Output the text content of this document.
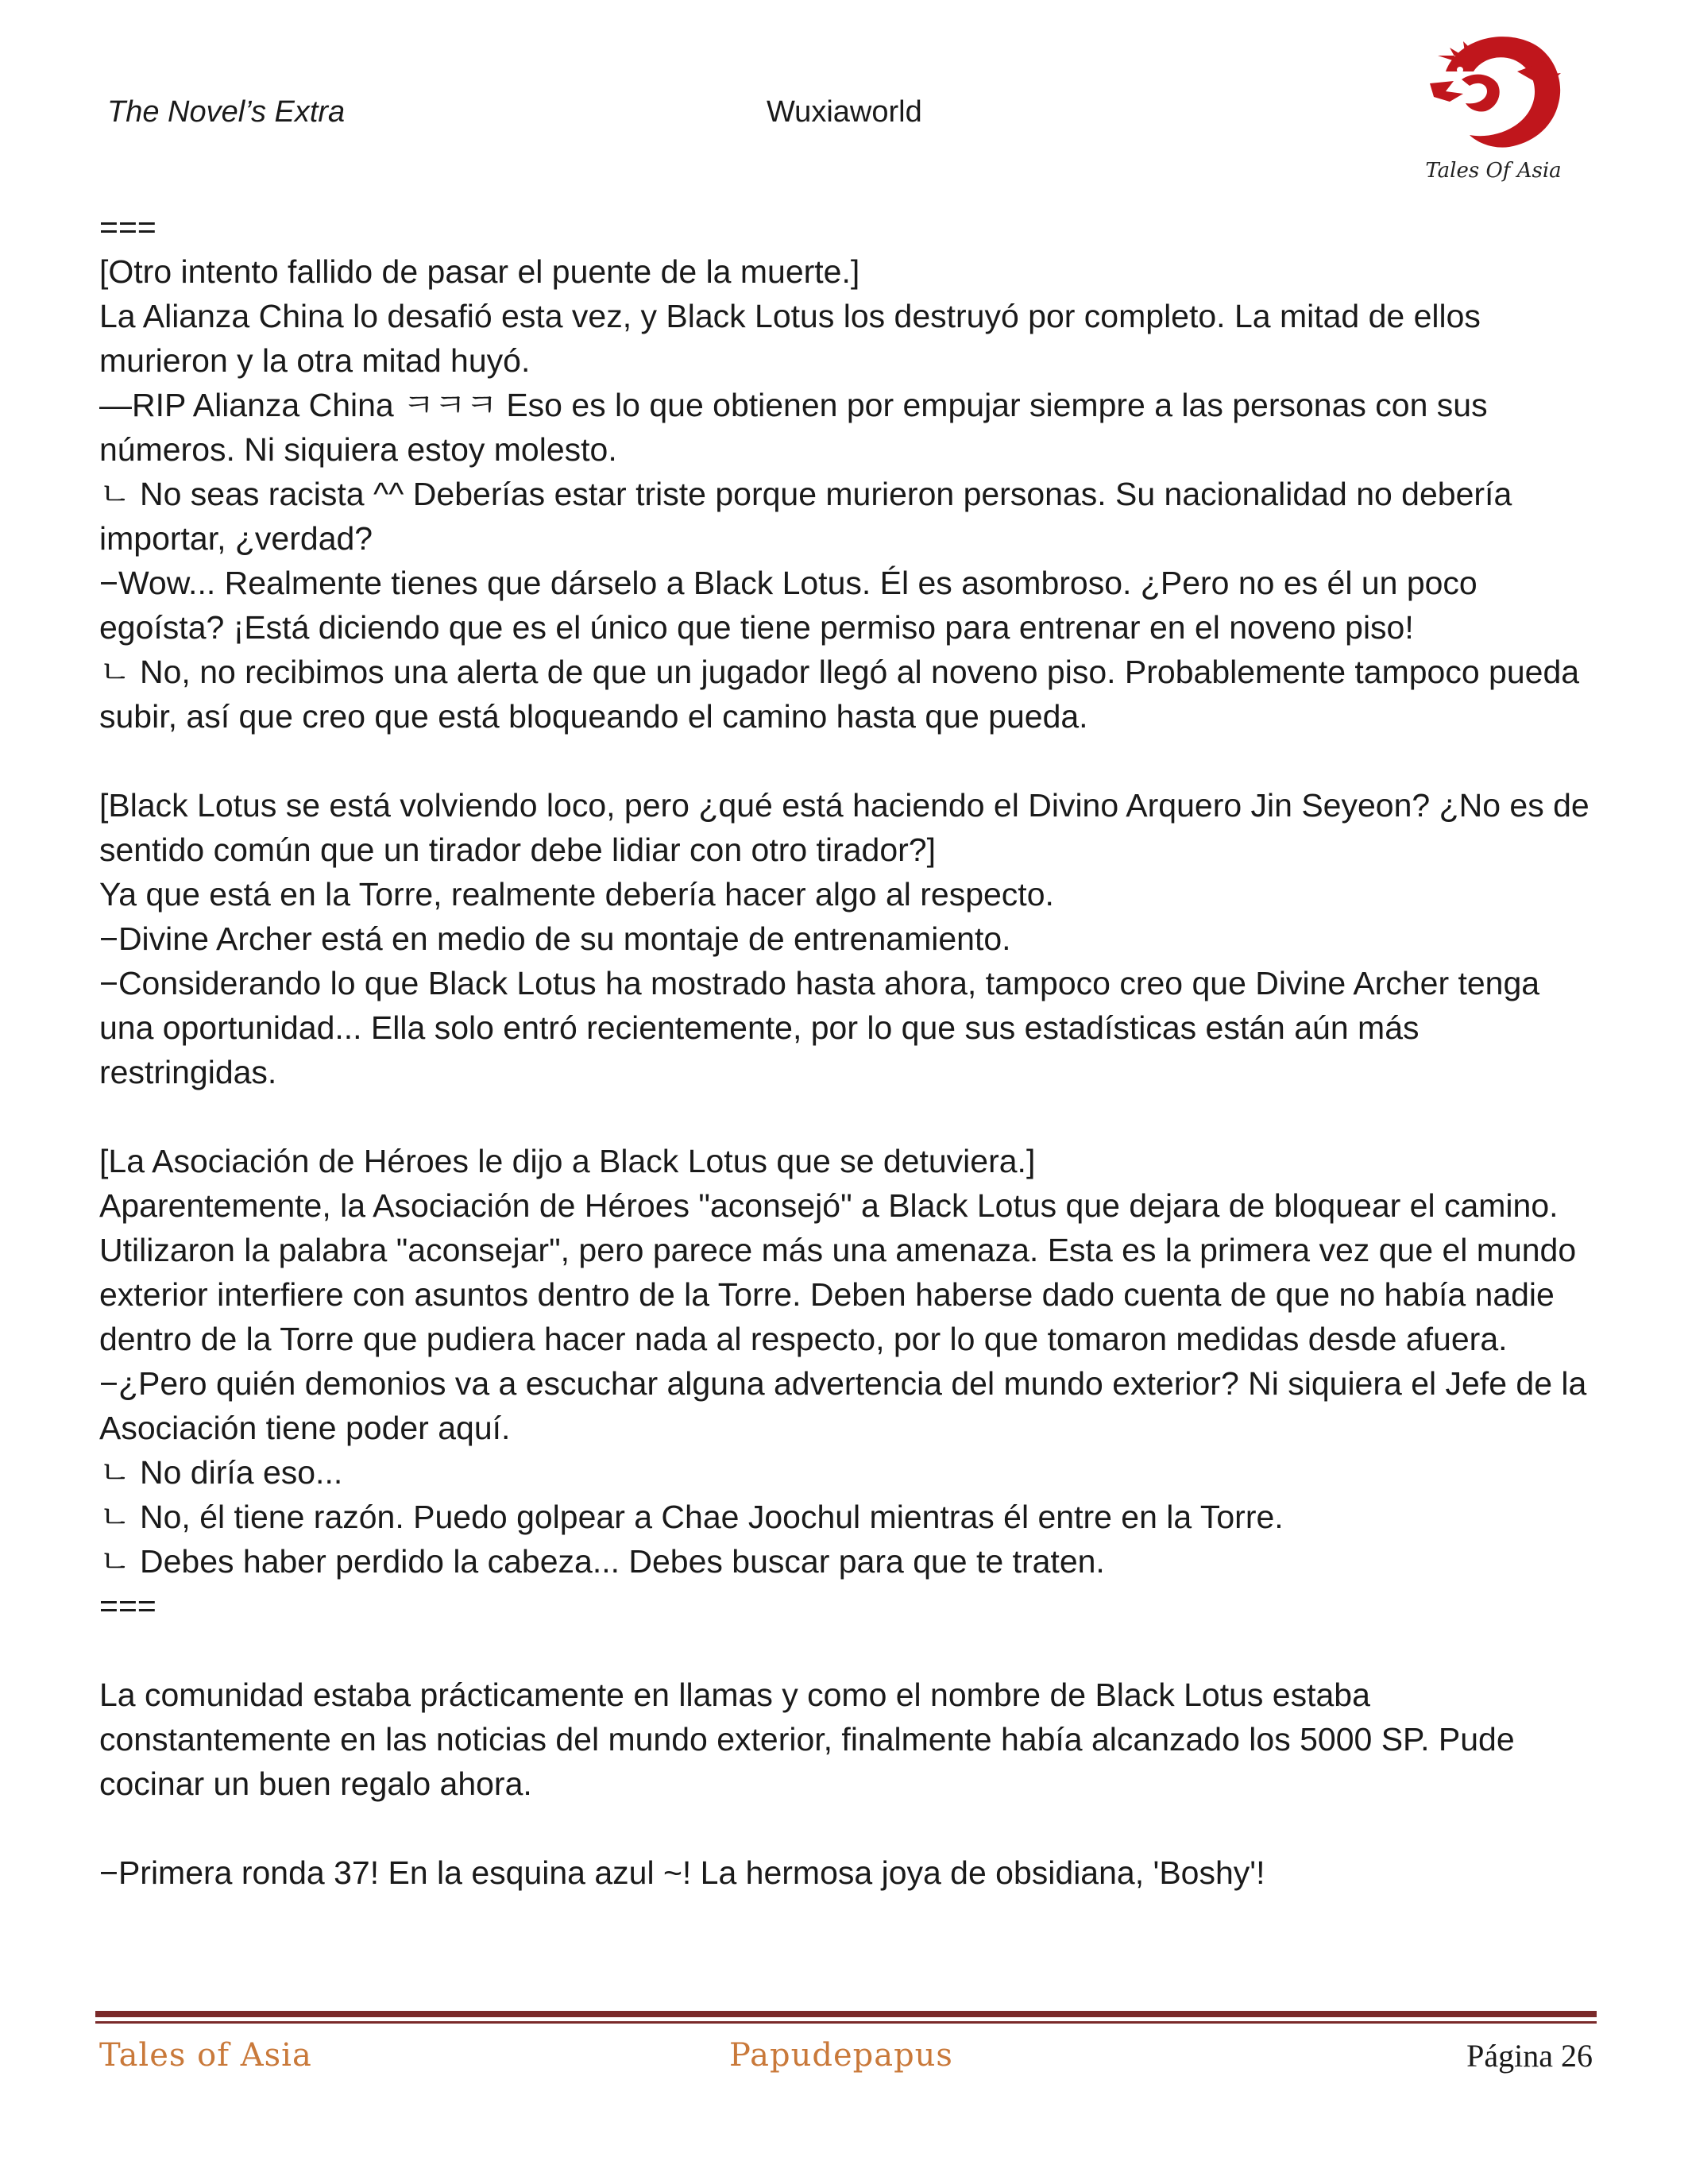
The Novel’s Extra	Wuxiaworld
Tales Of Asia

===

[Otro intento fallido de pasar el puente de la muerte.]

La Alianza China lo desafió esta vez, y Black Lotus los destruyó por completo. La mitad de ellos murieron y la otra mitad huyó.

—RIP Alianza China ㅋㅋㅋ Eso es lo que obtienen por empujar siempre a las personas con sus números. Ni siquiera estoy molesto.

ㄴ No seas racista ^^ Deberías estar triste porque murieron personas. Su nacionalidad no debería importar, ¿verdad?

−Wow... Realmente tienes que dárselo a Black Lotus. Él es asombroso. ¿Pero no es él un poco egoísta? ¡Está diciendo que es el único que tiene permiso para entrenar en el noveno piso!

ㄴ No, no recibimos una alerta de que un jugador llegó al noveno piso. Probablemente tampoco pueda subir, así que creo que está bloqueando el camino hasta que pueda.

[Black Lotus se está volviendo loco, pero ¿qué está haciendo el Divino Arquero Jin Seyeon? ¿No es de sentido común que un tirador debe lidiar con otro tirador?]

Ya que está en la Torre, realmente debería hacer algo al respecto.

−Divine Archer está en medio de su montaje de entrenamiento.

−Considerando lo que Black Lotus ha mostrado hasta ahora, tampoco creo que Divine Archer tenga una oportunidad... Ella solo entró recientemente, por lo que sus estadísticas están aún más restringidas.

[La Asociación de Héroes le dijo a Black Lotus que se detuviera.]

Aparentemente, la Asociación de Héroes "aconsejó" a Black Lotus que dejara de bloquear el camino. Utilizaron la palabra "aconsejar", pero parece más una amenaza. Esta es la primera vez que el mundo exterior interfiere con asuntos dentro de la Torre. Deben haberse dado cuenta de que no había nadie dentro de la Torre que pudiera hacer nada al respecto, por lo que tomaron medidas desde afuera.

−¿Pero quién demonios va a escuchar alguna advertencia del mundo exterior? Ni siquiera el Jefe de la Asociación tiene poder aquí.

ㄴ No diría eso...

ㄴ No, él tiene razón. Puedo golpear a Chae Joochul mientras él entre en la Torre.

ㄴ Debes haber perdido la cabeza... Debes buscar para que te traten.

===

La comunidad estaba prácticamente en llamas y como el nombre de Black Lotus estaba constantemente en las noticias del mundo exterior, finalmente había alcanzado los 5000 SP. Pude cocinar un buen regalo ahora.

−Primera ronda 37! En la esquina azul ~! La hermosa joya de obsidiana, 'Boshy'!

Tales of Asia	Papudepapus	Página 26
